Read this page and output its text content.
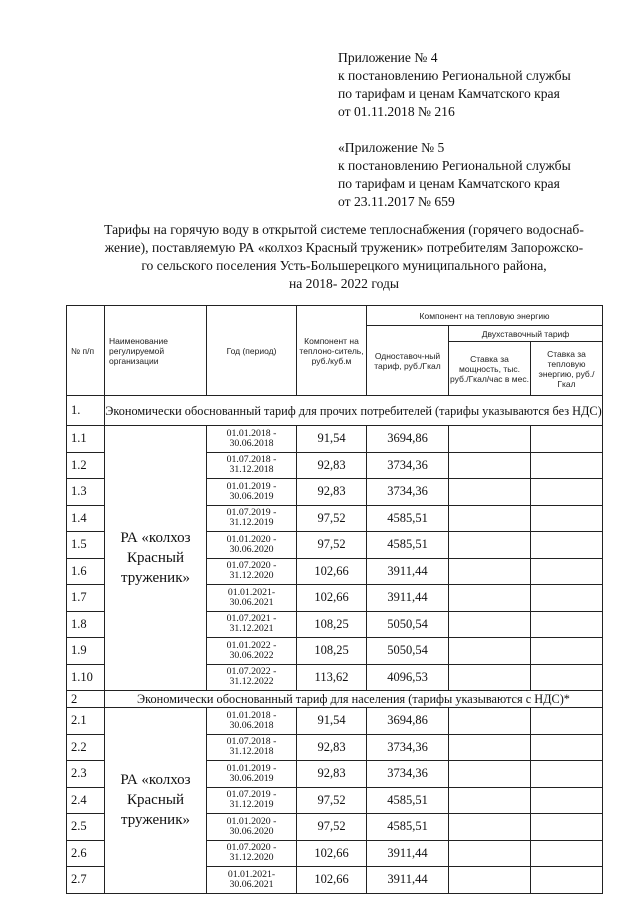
Приложение № 4
к постановлению Региональной службы
по тарифам и ценам Камчатского края
от 01.11.2018 № 216
«Приложение № 5
к постановлению Региональной службы
по тарифам и ценам Камчатского края
от 23.11.2017 № 659
Тарифы на горячую воду в открытой системе теплоснабжения (горячего водоснаб-
жение), поставляемую РА «колхоз Красный труженик» потребителям Запорожско-
го сельского поселения Усть-Большерецкого муниципального района,
на 2018- 2022 годы
№ п/п	Наименование регулируемой организации	Год (период)	Компонент на теплоно-ситель, руб./куб.м	Компонент на тепловую энергию		
				Одноставоч-ный тариф, руб./Гкал	Двухставочный тариф	
					Ставка за мощность, тыс. руб./Гкал/час в мес.	Ставка за тепловую энергию, руб./Гкал
1.	Экономически обоснованный тариф для прочих потребителей (тарифы указываются без НДС)					
1.1	РА «колхоз Красный труженик»	01.01.2018 -
30.06.2018	91,54	3694,86		
1.2		01.07.2018 -
31.12.2018	92,83	3734,36		
1.3		01.01.2019 -
30.06.2019	92,83	3734,36		
1.4		01.07.2019 -
31.12.2019	97,52	4585,51		
1.5		01.01.2020 -
30.06.2020	97,52	4585,51		
1.6		01.07.2020 -
31.12.2020	102,66	3911,44		
1.7		01.01.2021-
30.06.2021	102,66	3911,44		
1.8		01.07.2021 -
31.12.2021	108,25	5050,54		
1.9		01.01.2022 -
30.06.2022	108,25	5050,54		
1.10		01.07.2022 -
31.12.2022	113,62	4096,53		
2	Экономически обоснованный тариф для населения (тарифы указываются с НДС)*					
2.1	РА «колхоз Красный труженик»	01.01.2018 -
30.06.2018	91,54	3694,86		
2.2		01.07.2018 -
31.12.2018	92,83	3734,36		
2.3		01.01.2019 -
30.06.2019	92,83	3734,36		
2.4		01.07.2019 -
31.12.2019	97,52	4585,51		
2.5		01.01.2020 -
30.06.2020	97,52	4585,51		
2.6		01.07.2020 -
31.12.2020	102,66	3911,44		
2.7		01.01.2021-
30.06.2021	102,66	3911,44		
